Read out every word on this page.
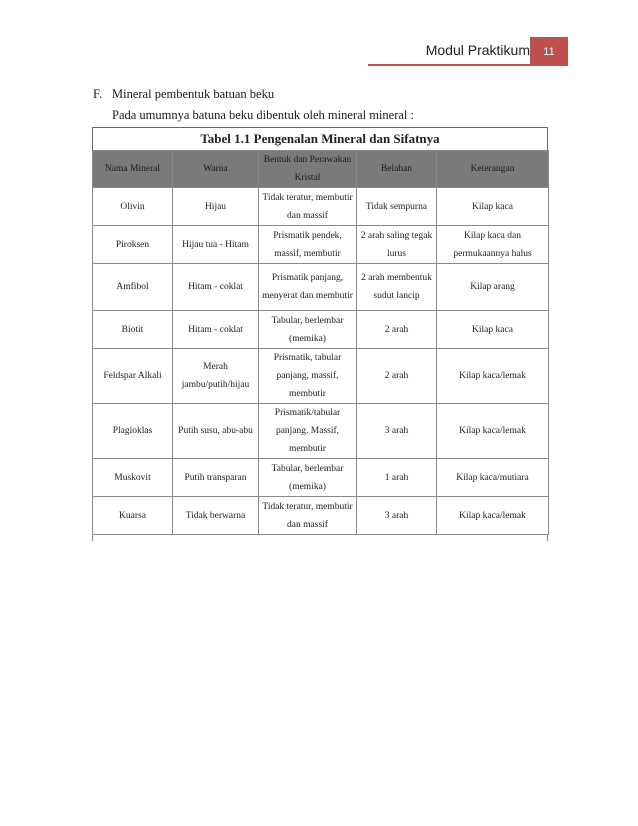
Modul Praktikum	11
F. Mineral pembentuk batuan beku
Pada umumnya batuna beku dibentuk oleh mineral mineral :
Tabel 1.1 Pengenalan Mineral dan Sifatnya
Nama Mineral	Warna	Bentuk dan Perawakan Kristal	Belahan	Keterangan
Olivin	Hijau	Tidak teratur, membutir dan massif	Tidak sempurna	Kilap kaca
Piroksen	Hijau tua - Hitam	Prismatik pendek, massif, membutir	2 arah saling tegak lurus	Kilap kaca dan permukaannya halus
Amfibol	Hitam - coklat	Prismatik panjang, menyerat dan membutir	2 arah membentuk sudut lancip	Kilap arang
Biotit	Hitam - coklat	Tabular, berlembar (memika)	2 arah	Kilap kaca
Feldspar Alkali	Merah jambu/putih/hijau	Prismatik, tabular panjang, massif, membutir	2 arah	Kilap kaca/lemak
Plagioklas	Putih susu, abu-abu	Prismatik/tabular panjang. Massif, membutir	3 arah	Kilap kaca/lemak
Muskovit	Putih transparan	Tabular, berlembar (memika)	1 arah	Kilap kaca/mutiara
Kuarsa	Tidak berwarna	Tidak teratur, membutir dan massif	3 arah	Kilap kaca/lemak
